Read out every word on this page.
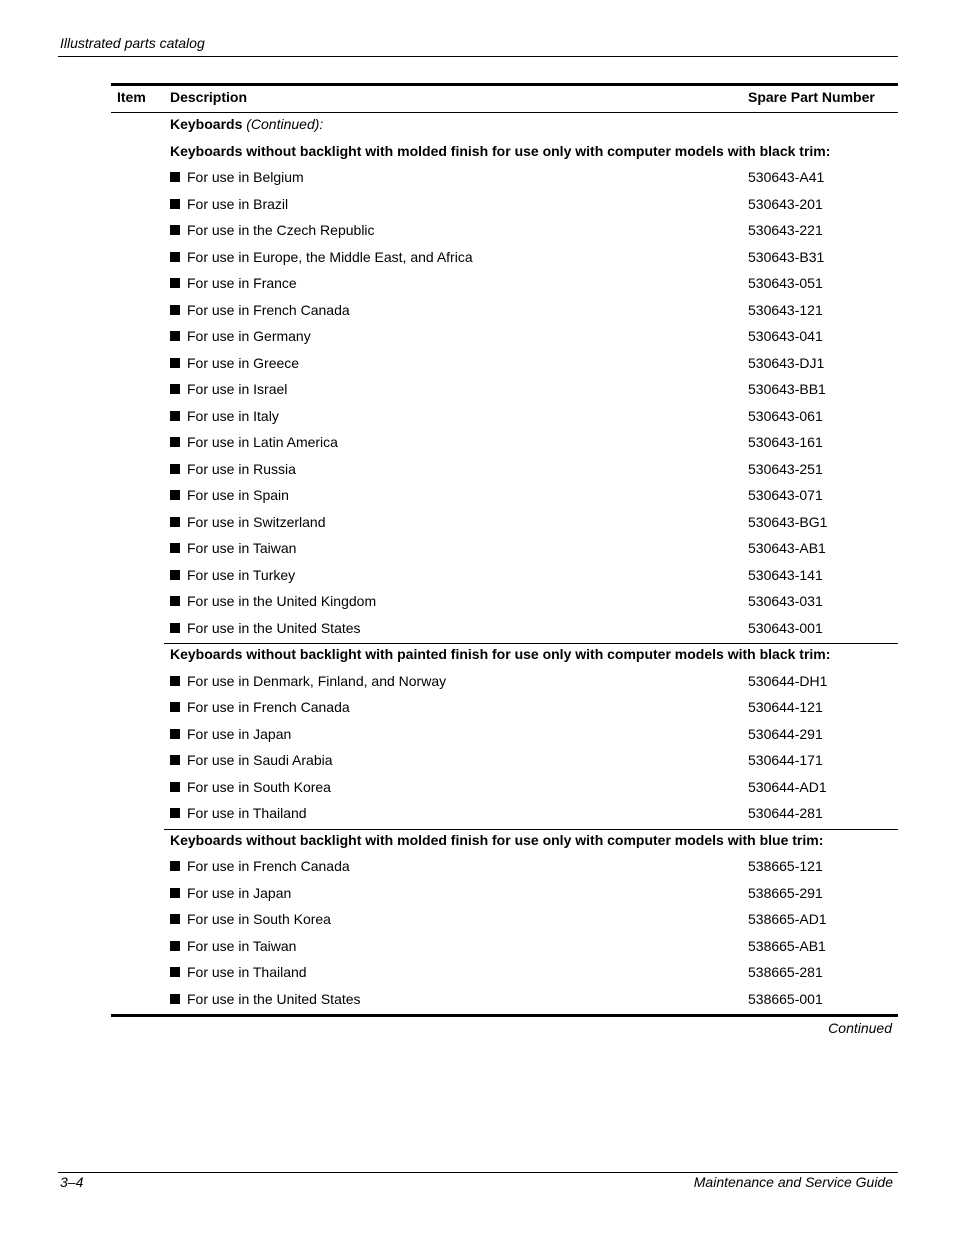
Illustrated parts catalog
Item Description	Spare Part Number
Keyboards (Continued):
Keyboards without backlight with molded finish for use only with computer models with black trim:
For use in Belgium	530643-A41
For use in Brazil	530643-201
For use in the Czech Republic	530643-221
For use in Europe, the Middle East, and Africa	530643-B31
For use in France	530643-051
For use in French Canada	530643-121
For use in Germany	530643-041
For use in Greece	530643-DJ1
For use in Israel	530643-BB1
For use in Italy	530643-061
For use in Latin America	530643-161
For use in Russia	530643-251
For use in Spain	530643-071
For use in Switzerland	530643-BG1
For use in Taiwan	530643-AB1
For use in Turkey	530643-141
For use in the United Kingdom	530643-031
For use in the United States	530643-001
Keyboards without backlight with painted finish for use only with computer models with black trim:
For use in Denmark, Finland, and Norway	530644-DH1
For use in French Canada	530644-121
For use in Japan	530644-291
For use in Saudi Arabia	530644-171
For use in South Korea	530644-AD1
For use in Thailand	530644-281
Keyboards without backlight with molded finish for use only with computer models with blue trim:
For use in French Canada	538665-121
For use in Japan	538665-291
For use in South Korea	538665-AD1
For use in Taiwan	538665-AB1
For use in Thailand	538665-281
For use in the United States	538665-001
Continued
3–4	Maintenance and Service Guide
